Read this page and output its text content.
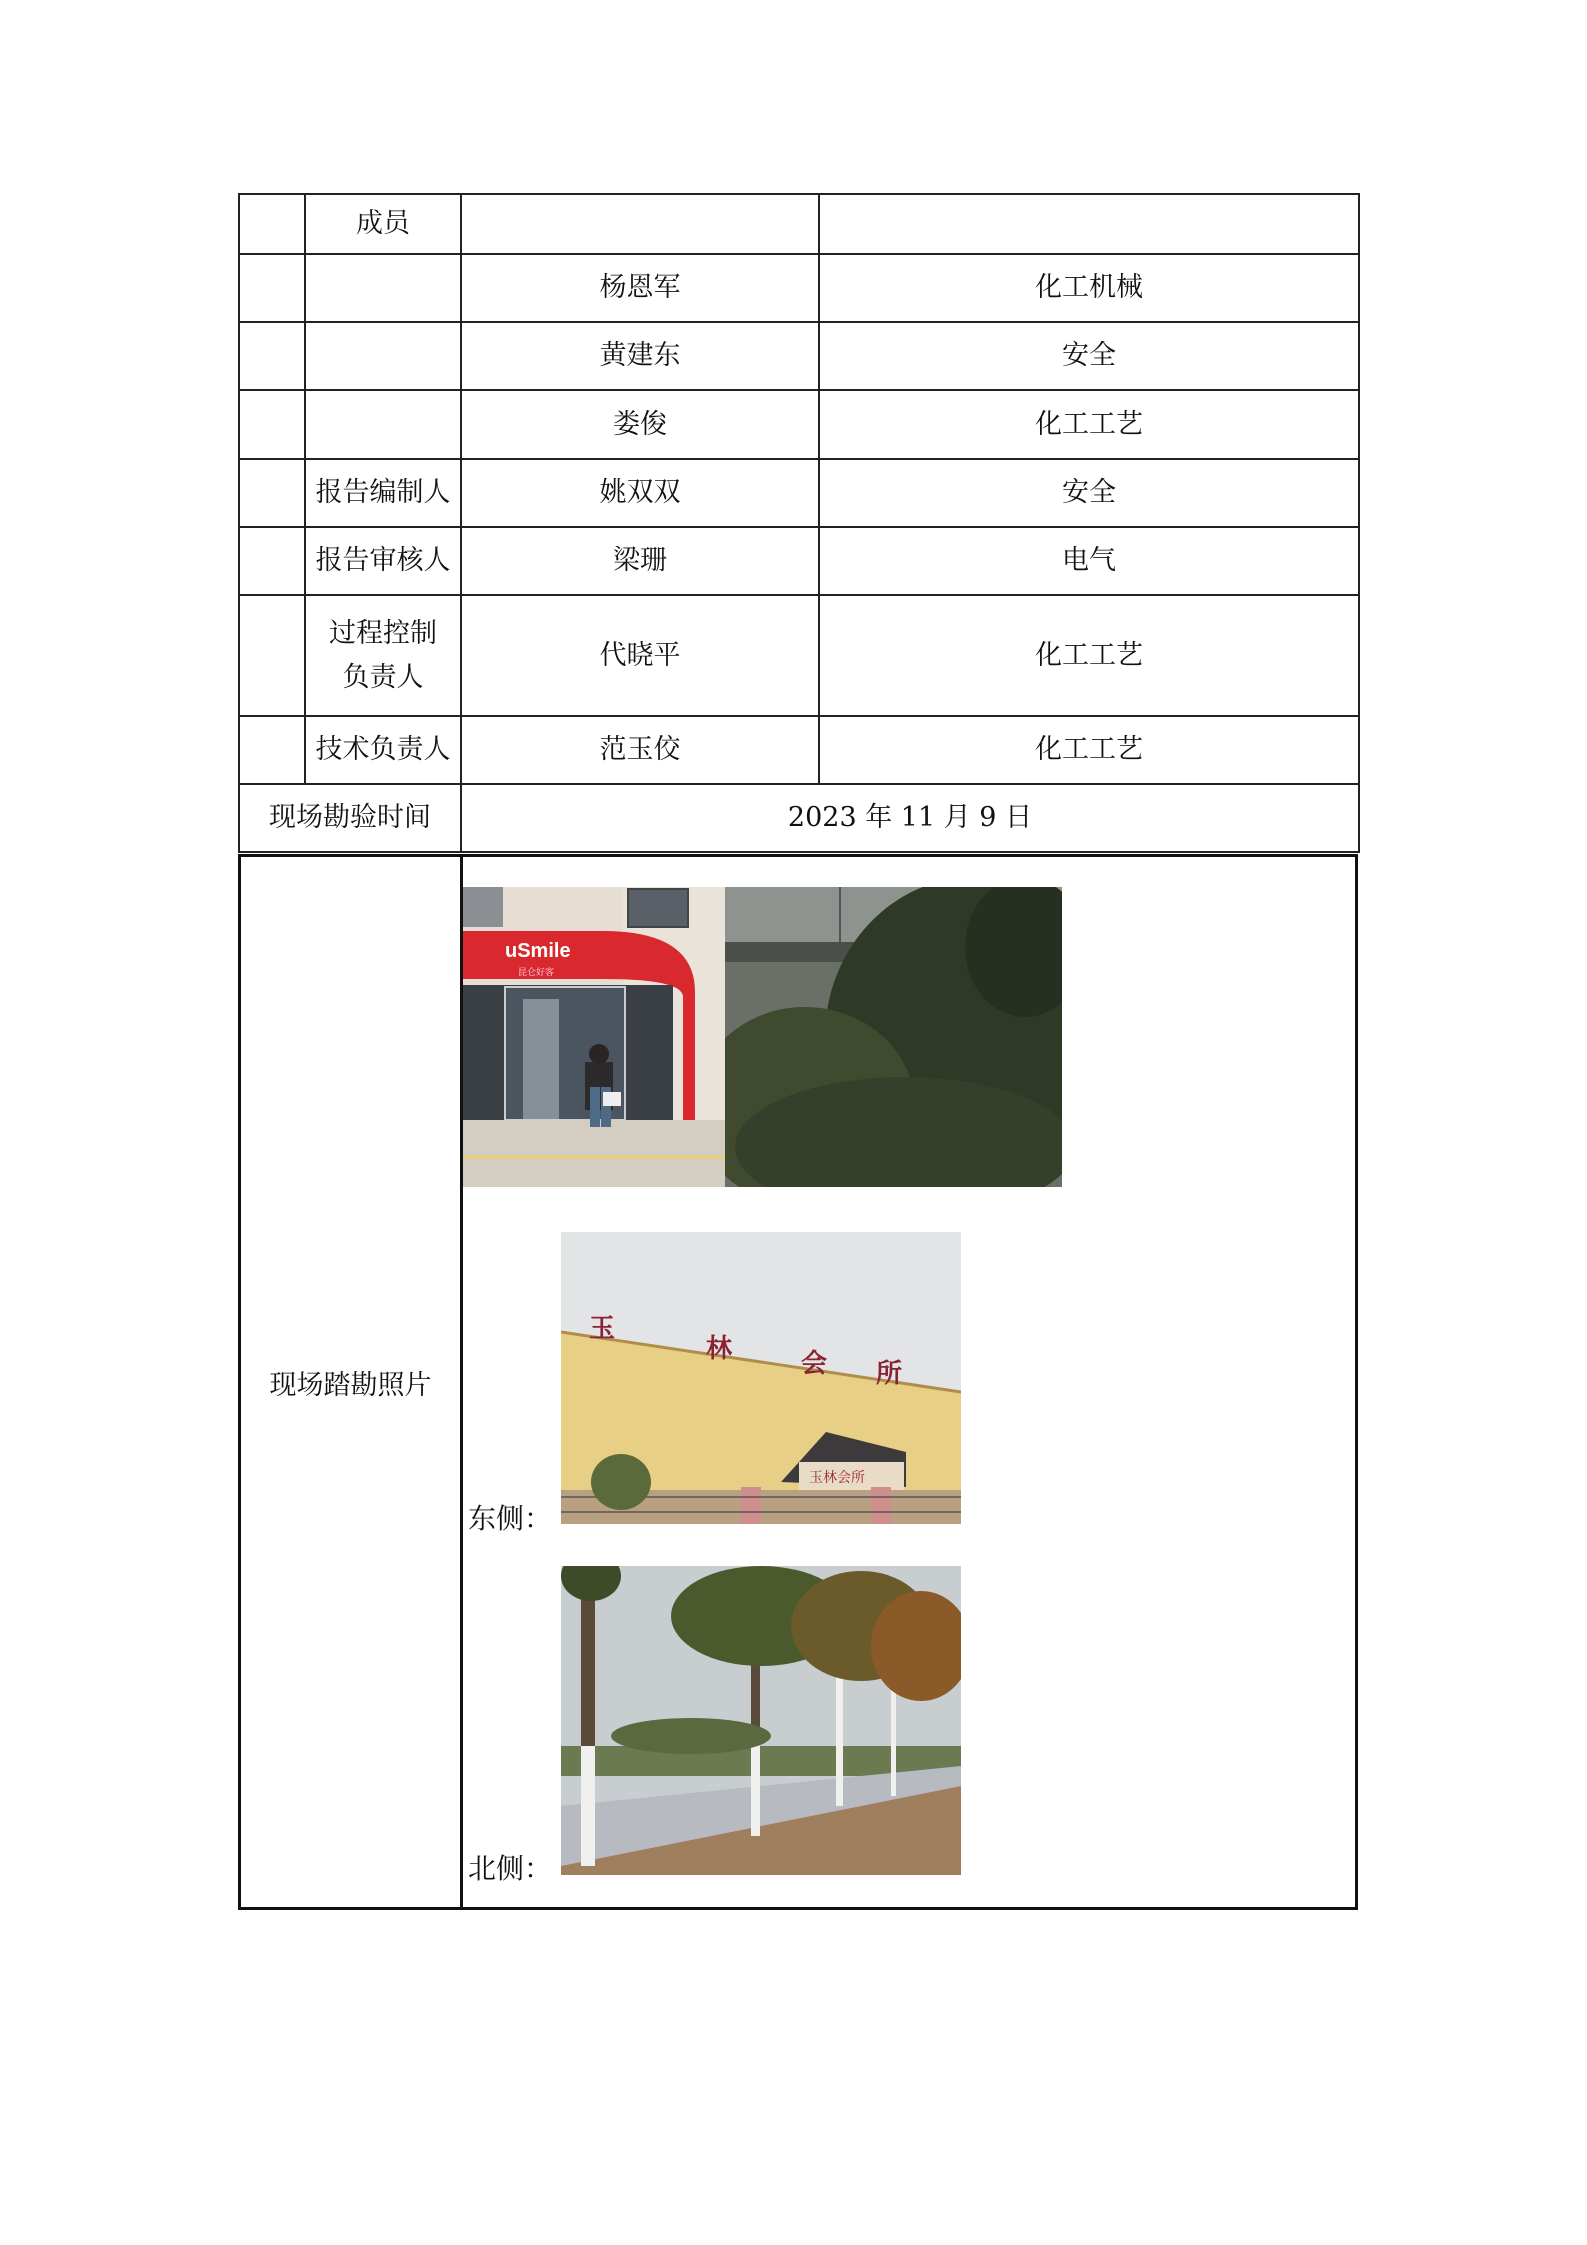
	成员		
		杨恩军	化工机械
		黄建东	安全
		娄俊	化工工艺
	报告编制人	姚双双	安全
	报告审核人	梁珊	电气

	过程控制
负责人	代晓平	化工工艺
	技术负责人	范玉佼	化工工艺
现场勘验时间		2023 年 11 月 9 日	
现场踏勘照片
uSmile
昆仑好客
玉
林	会 所
玉林会所
东侧：
北侧：
